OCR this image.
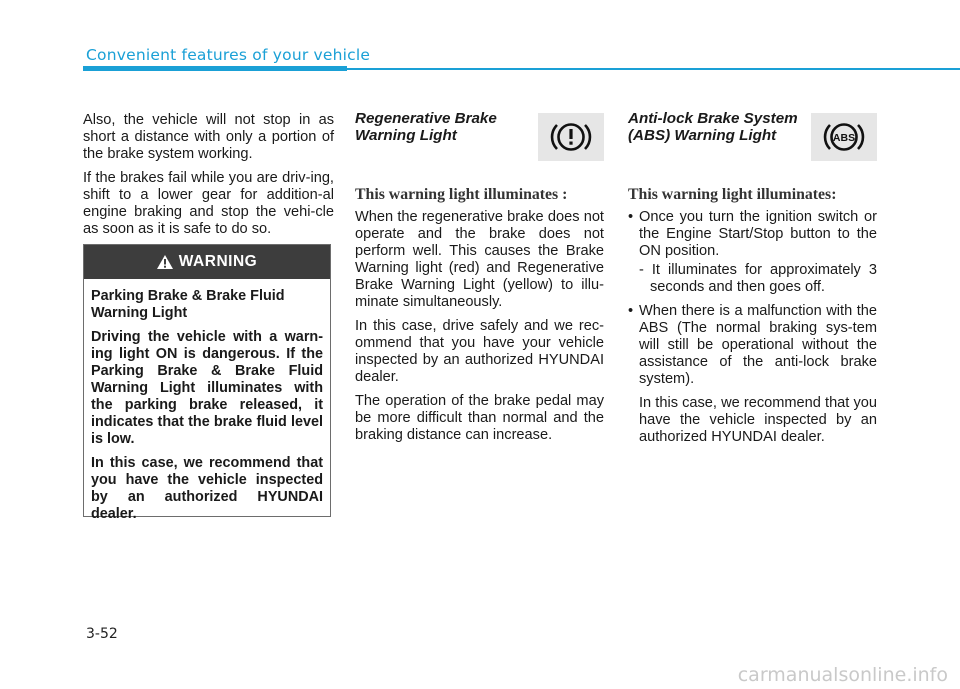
Convenient features of your vehicle

Also, the vehicle will not stop in as short a distance with only a portion of the brake system working.

If the brakes fail while you are driv-ing, shift to a lower gear for addition-al engine braking and stop the vehi-cle as soon as it is safe to do so.

WARNING

Parking Brake & Brake Fluid Warning Light

Driving the vehicle with a warn-ing light ON is dangerous. If the Parking Brake & Brake Fluid Warning Light illuminates with the parking brake released, it indicates that the brake fluid level is low.

In this case, we recommend that you have the vehicle inspected by an authorized HYUNDAI dealer.

Regenerative Brake Warning Light

This warning light illuminates :

When the regenerative brake does not operate and the brake does not perform well. This causes the Brake Warning light (red) and Regenerative Brake Warning Light (yellow) to illu-minate simultaneously.

In this case, drive safely and we rec-ommend that you have your vehicle inspected by an authorized HYUNDAI dealer.

The operation of the brake pedal may be more difficult than normal and the braking distance can increase.

ABS

Anti-lock Brake System (ABS) Warning Light

This warning light illuminates:

• Once you turn the ignition switch or the Engine Start/Stop button to the ON position.
- It illuminates for approximately 3 seconds and then goes off.
• When there is a malfunction with the ABS (The normal braking sys-tem will still be operational without the assistance of the anti-lock brake system).
In this case, we recommend that you have the vehicle inspected by an authorized HYUNDAI dealer.
3-52
carmanualsonline.info
